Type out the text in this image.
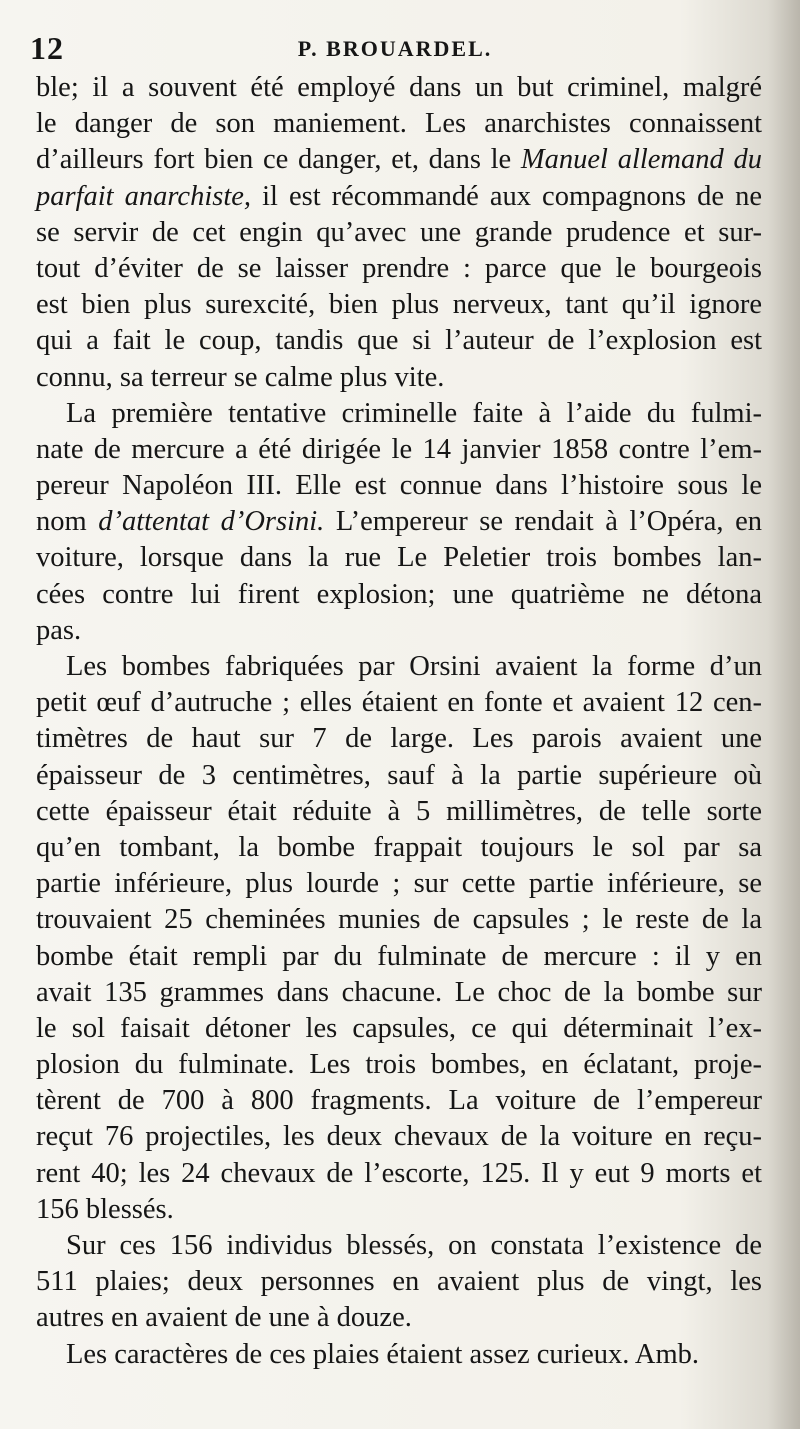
12	P. BROUARDEL.
ble; il a souvent été employé dans un but criminel, malgré
le danger de son maniement. Les anarchistes connaissent
d’ailleurs fort bien ce danger, et, dans le Manuel allemand du
parfait anarchiste, il est récommandé aux compagnons de ne
se servir de cet engin qu’avec une grande prudence et sur-
tout d’éviter de se laisser prendre : parce que le bourgeois
est bien plus surexcité, bien plus nerveux, tant qu’il ignore
qui a fait le coup, tandis que si l’auteur de l’explosion est
connu, sa terreur se calme plus vite.
La première tentative criminelle faite à l’aide du fulmi-
nate de mercure a été dirigée le 14 janvier 1858 contre l’em-
pereur Napoléon III. Elle est connue dans l’histoire sous le
nom d’attentat d’Orsini. L’empereur se rendait à l’Opéra, en
voiture, lorsque dans la rue Le Peletier trois bombes lan-
cées contre lui firent explosion; une quatrième ne détona
pas.
Les bombes fabriquées par Orsini avaient la forme d’un
petit œuf d’autruche ; elles étaient en fonte et avaient 12 cen-
timètres de haut sur 7 de large. Les parois avaient une
épaisseur de 3 centimètres, sauf à la partie supérieure où
cette épaisseur était réduite à 5 millimètres, de telle sorte
qu’en tombant, la bombe frappait toujours le sol par sa
partie inférieure, plus lourde ; sur cette partie inférieure, se
trouvaient 25 cheminées munies de capsules ; le reste de la
bombe était rempli par du fulminate de mercure : il y en
avait 135 grammes dans chacune. Le choc de la bombe sur
le sol faisait détoner les capsules, ce qui déterminait l’ex-
plosion du fulminate. Les trois bombes, en éclatant, proje-
tèrent de 700 à 800 fragments. La voiture de l’empereur
reçut 76 projectiles, les deux chevaux de la voiture en reçu-
rent 40; les 24 chevaux de l’escorte, 125. Il y eut 9 morts et
156 blessés.
Sur ces 156 individus blessés, on constata l’existence de
511 plaies; deux personnes en avaient plus de vingt, les
autres en avaient de une à douze.
Les caractères de ces plaies étaient assez curieux. Amb.
